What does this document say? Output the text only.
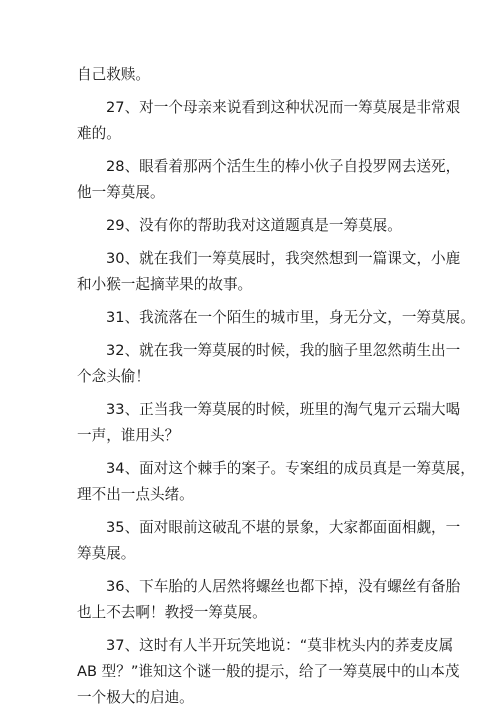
自己救赎。

27、对一个母亲来说看到这种状况而一筹莫展是非常艰
难的。

28、眼看着那两个活生生的棒小伙子自投罗网去送死，
他一筹莫展。

29、没有你的帮助我对这道题真是一筹莫展。

30、就在我们一筹莫展时，我突然想到一篇课文，小鹿
和小猴一起摘苹果的故事。

31、我流落在一个陌生的城市里，身无分文，一筹莫展。

32、就在我一筹莫展的时候，我的脑子里忽然萌生出一
个念头偷！

33、正当我一筹莫展的时候，班里的淘气鬼亓云瑞大喝
一声，谁用头？

34、面对这个棘手的案子。专案组的成员真是一筹莫展，
理不出一点头绪。

35、面对眼前这破乱不堪的景象，大家都面面相觑，一
筹莫展。

36、下车胎的人居然将螺丝也都下掉，没有螺丝有备胎
也上不去啊！教授一筹莫展。

37、这时有人半开玩笑地说：“莫非枕头内的荞麦皮属
AB 型？”谁知这个谜一般的提示，给了一筹莫展中的山本茂
一个极大的启迪。
